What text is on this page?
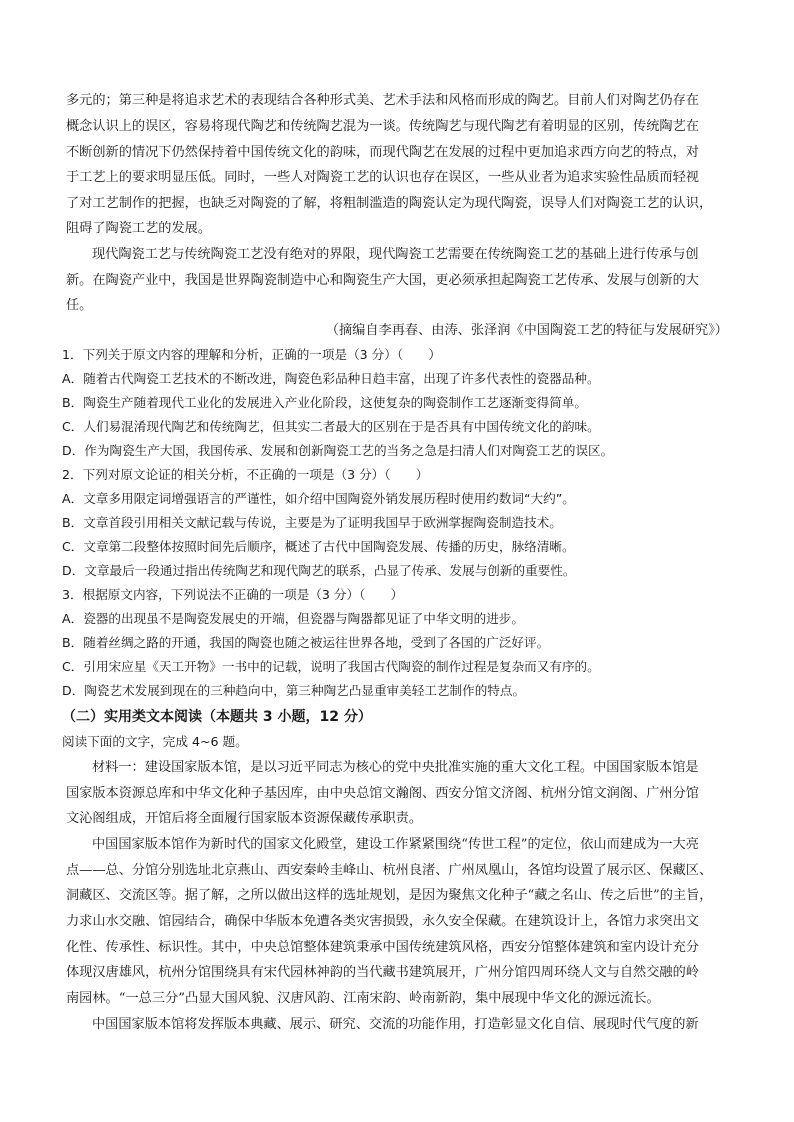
多元的；第三种是将追求艺术的表现结合各种形式美、艺术手法和风格而形成的陶艺。目前人们对陶艺仍存在
概念认识上的误区，容易将现代陶艺和传统陶艺混为一谈。传统陶艺与现代陶艺有着明显的区别，传统陶艺在
不断创新的情况下仍然保持着中国传统文化的韵味，而现代陶艺在发展的过程中更加追求西方向艺的特点，对
于工艺上的要求明显压低。同时，一些人对陶瓷工艺的认识也存在误区，一些从业者为追求实验性品质而轻视
了对工艺制作的把握，也缺乏对陶瓷的了解，将粗制滥造的陶瓷认定为现代陶瓷，误导人们对陶瓷工艺的认识，
阻碍了陶瓷工艺的发展。
现代陶瓷工艺与传统陶瓷工艺没有绝对的界限，现代陶瓷工艺需要在传统陶瓷工艺的基础上进行传承与创
新。在陶瓷产业中，我国是世界陶瓷制造中心和陶瓷生产大国，更必须承担起陶瓷工艺传承、发展与创新的大
任。
（摘编自李再春、由涛、张泽润《中国陶瓷工艺的特征与发展研究》）
1．下列关于原文内容的理解和分析，正确的一项是（3 分）（　　）
A．随着古代陶瓷工艺技术的不断改进，陶瓷色彩品种日趋丰富，出现了许多代表性的瓷器品种。
B．陶瓷生产随着现代工业化的发展进入产业化阶段，这使复杂的陶瓷制作工艺逐渐变得简单。
C．人们易混淆现代陶艺和传统陶艺，但其实二者最大的区别在于是否具有中国传统文化的韵味。
D．作为陶瓷生产大国，我国传承、发展和创新陶瓷工艺的当务之急是扫清人们对陶瓷工艺的误区。
2．下列对原文论证的相关分析，不正确的一项是（3 分）（　　）
A．文章多用限定词增强语言的严谨性，如介绍中国陶瓷外销发展历程时使用约数词“大约”。
B．文章首段引用相关文献记载与传说，主要是为了证明我国早于欧洲掌握陶瓷制造技术。
C．文章第二段整体按照时间先后顺序，概述了古代中国陶瓷发展、传播的历史，脉络清晰。
D．文章最后一段通过指出传统陶艺和现代陶艺的联系，凸显了传承、发展与创新的重要性。
3．根据原文内容，下列说法不正确的一项是（3 分）（　　）
A．瓷器的出现虽不是陶瓷发展史的开端，但瓷器与陶器都见证了中华文明的进步。
B．随着丝绸之路的开通，我国的陶瓷也随之被运往世界各地，受到了各国的广泛好评。
C．引用宋应星《天工开物》一书中的记载，说明了我国古代陶瓷的制作过程是复杂而又有序的。
D．陶瓷艺术发展到现在的三种趋向中，第三种陶艺凸显重审美轻工艺制作的特点。
（二）实用类文本阅读（本题共 3 小题，12 分）
阅读下面的文字，完成 4~6 题。
材料一：建设国家版本馆，是以习近平同志为核心的党中央批准实施的重大文化工程。中国国家版本馆是
国家版本资源总库和中华文化种子基因库，由中央总馆文瀚阁、西安分馆文济阁、杭州分馆文润阁、广州分馆
文沁阁组成，开馆后将全面履行国家版本资源保藏传承职责。
中国国家版本馆作为新时代的国家文化殿堂，建设工作紧紧围绕“传世工程”的定位，依山而建成为一大亮
点——总、分馆分别选址北京燕山、西安秦岭圭峰山、杭州良渚、广州凤凰山，各馆均设置了展示区、保藏区、
洞藏区、交流区等。据了解，之所以做出这样的选址规划，是因为聚焦文化种子“藏之名山、传之后世”的主旨，
力求山水交融、馆园结合，确保中华版本免遭各类灾害损毁，永久安全保藏。在建筑设计上，各馆力求突出文
化性、传承性、标识性。其中，中央总馆整体建筑秉承中国传统建筑风格，西安分馆整体建筑和室内设计充分
体现汉唐雄风，杭州分馆围绕具有宋代园林神韵的当代藏书建筑展开，广州分馆四周环绕人文与自然交融的岭
南园林。“一总三分”凸显大国风貌、汉唐风韵、江南宋韵、岭南新韵，集中展现中华文化的源远流长。
中国国家版本馆将发挥版本典藏、展示、研究、交流的功能作用，打造彰显文化自信、展现时代气度的新
